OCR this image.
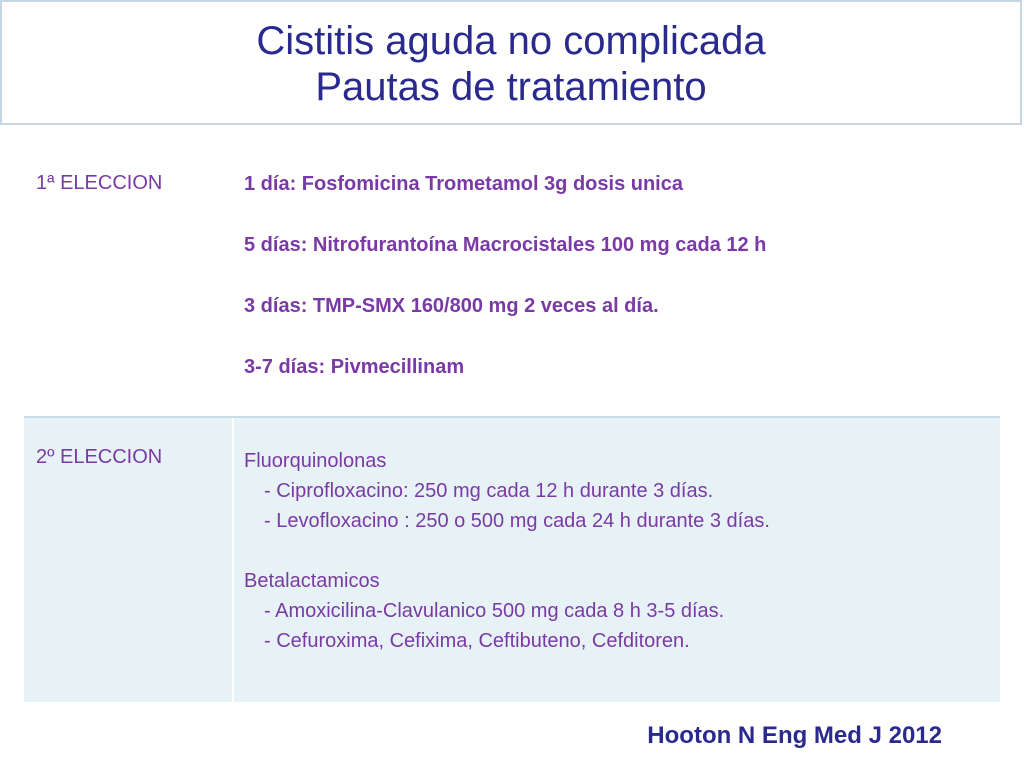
Cistitis aguda no complicada
Pautas de tratamiento
1ª ELECCION	1 día: Fosfomicina Trometamol 3g dosis unica
5 días: Nitrofurantoína Macrocistales 100 mg cada 12 h
3 días: TMP-SMX 160/800 mg 2 veces al día.
3-7 días: Pivmecillinam
2º ELECCION	Fluorquinolonas
- Ciprofloxacino: 250 mg cada 12 h durante 3 días.
- Levofloxacino : 250 o 500 mg cada 24 h durante 3 días.
Betalactamicos
- Amoxicilina-Clavulanico 500 mg cada 8 h 3-5 días.
- Cefuroxima, Cefixima, Ceftibuteno, Cefditoren.
Hooton N Eng Med J 2012
